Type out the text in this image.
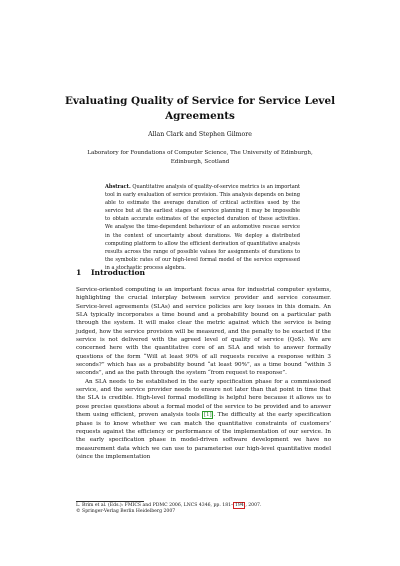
Evaluating Quality of Service for Service Level Agreements
Allan Clark and Stephen Gilmore
Laboratory for Foundations of Computer Science, The University of Edinburgh, Edinburgh, Scotland
Abstract. Quantitative analysis of quality-of-service metrics is an important tool in early evaluation of service provision. This analysis depends on being able to estimate the average duration of critical activities used by the service but at the earliest stages of service planning it may be impossible to obtain accurate estimates of the expected duration of these activities. We analyse the time-dependent behaviour of an automotive rescue service in the context of uncertainty about durations. We deploy a distributed computing platform to allow the efficient derivation of quantitative analysis results across the range of possible values for assignments of durations to the symbolic rates of our high-level formal model of the service expressed in a stochastic process algebra.
1 Introduction

Service-oriented computing is an important focus area for industrial computer systems, highlighting the crucial interplay between service provider and service consumer. Service-level agreements (SLAs) and service policies are key issues in this domain. An SLA typically incorporates a time bound and a probability bound on a particular path through the system. It will make clear the metric against which the service is being judged, how the service provision will be measured, and the penalty to be exacted if the service is not delivered with the agreed level of quality of service (QoS). We are concerned here with the quantitative core of an SLA and wish to answer formally questions of the form “Will at least 90% of all requests receive a response within 3 seconds?” which has as a probability bound “at least 90%”, as a time bound “within 3 seconds”, and as the path through the system “from request to response”.

An SLA needs to be established in the early specification phase for a commissioned service, and the service provider needs to ensure not later than that point in time that the SLA is credible. High-level formal modelling is helpful here because it allows us to pose precise questions about a formal model of the service to be provided and to answer them using efficient, proven analysis tools [1] . The difficulty at the early specification phase is to know whether we can match the quantitative constraints of customers’ requests against the efficiency or performance of the implementation of our service. In the early specification phase in model-driven software development we have no measurement data which we can use to parameterise our high-level quantitative model (since the implementation

L. Brim et al. (Eds.): FMICS and PDMC 2006, LNCS 4346, pp. 181– 194 , 2007.
© Springer-Verlag Berlin Heidelberg 2007
